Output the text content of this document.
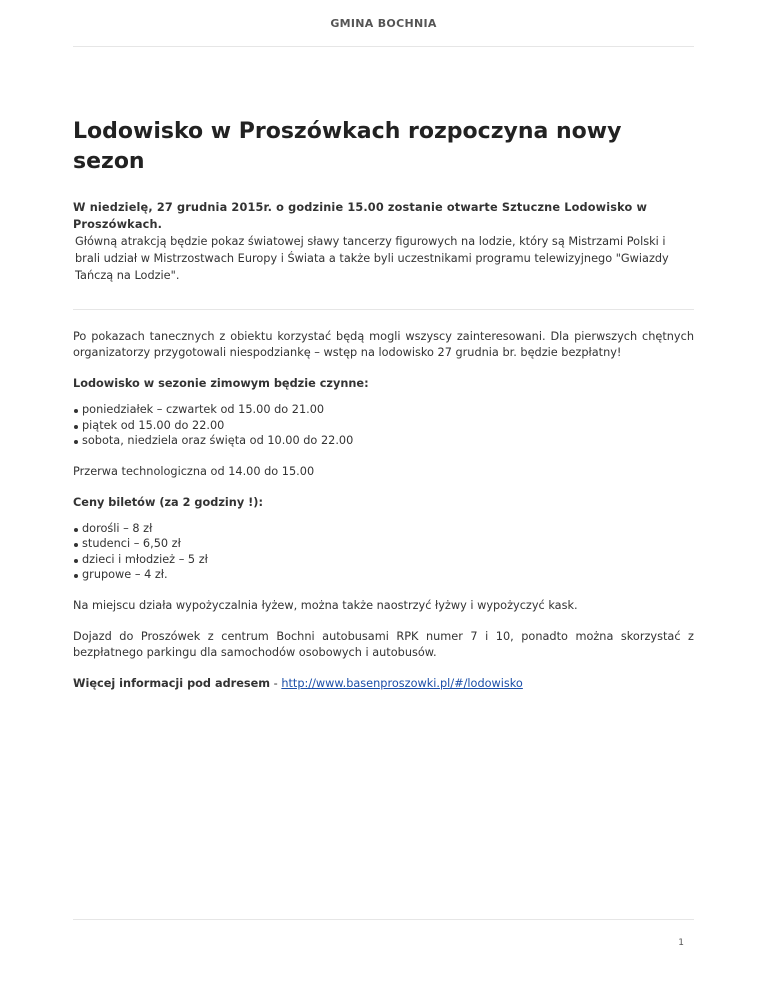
GMINA BOCHNIA
Lodowisko w Proszówkach rozpoczyna nowy sezon
W niedzielę, 27 grudnia 2015r. o godzinie 15.00 zostanie otwarte Sztuczne Lodowisko w Proszówkach.
Główną atrakcją będzie pokaz światowej sławy tancerzy figurowych na lodzie, który są Mistrzami Polski i brali udział w Mistrzostwach Europy i Świata a także byli uczestnikami programu telewizyjnego "Gwiazdy Tańczą na Lodzie".

Po pokazach tanecznych z obiektu korzystać będą mogli wszyscy zainteresowani. Dla pierwszych chętnych organizatorzy przygotowali niespodziankę – wstęp na lodowisko 27 grudnia br. będzie bezpłatny!

Lodowisko w sezonie zimowym będzie czynne:

poniedziałek – czwartek od 15.00 do 21.00
piątek od 15.00 do 22.00
sobota, niedziela oraz święta od 10.00 do 22.00

Przerwa technologiczna od 14.00 do 15.00

Ceny biletów (za 2 godziny !):

dorośli – 8 zł
studenci – 6,50 zł
dzieci i młodzież – 5 zł
grupowe – 4 zł.

Na miejscu działa wypożyczalnia łyżew, można także naostrzyć łyżwy i wypożyczyć kask.

Dojazd do Proszówek z centrum Bochni autobusami RPK numer 7 i 10, ponadto można skorzystać z bezpłatnego parkingu dla samochodów osobowych i autobusów.

Więcej informacji pod adresem - http://www.basenproszowki.pl/#/lodowisko

1
